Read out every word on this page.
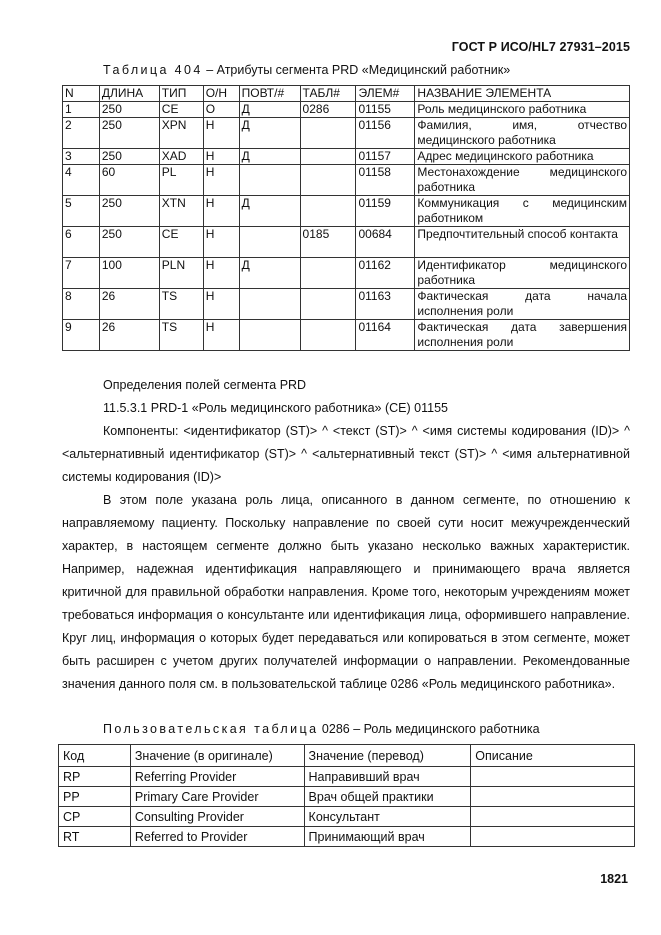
ГОСТ Р ИСО/HL7 27931–2015
Таблица 404 – Атрибуты сегмента PRD «Медицинский работник»
N	ДЛИНА	ТИП	О/Н	ПОВТ/#	ТАБЛ#	ЭЛЕМ#	НАЗВАНИЕ ЭЛЕМЕНТА
1	250	CE	O	Д	0286	01155	Роль медицинского работника
2	250	XPN	Н	Д		01156	Фамилия, имя, отчество медицинского работника
3	250	XAD	Н	Д		01157	Адрес медицинского работника
4	60	PL	Н			01158	Местонахождение медицинского работника
5	250	XTN	Н	Д		01159	Коммуникация с медицинским работником
6	250	CE	Н		0185	00684	Предпочтительный способ контакта
7	100	PLN	Н	Д		01162	Идентификатор медицинского работника
8	26	TS	Н			01163	Фактическая дата начала исполнения роли
9	26	TS	Н			01164	Фактическая дата завершения исполнения роли
Определения полей сегмента PRD
11.5.3.1 PRD-1 «Роль медицинского работника» (CE) 01155
Компоненты: <идентификатор (ST)> ^ <текст (ST)> ^ <имя системы кодирования (ID)> ^ <альтернативный идентификатор (ST)> ^ <альтернативный текст (ST)> ^ <имя альтернативной системы кодирования (ID)>
В этом поле указана роль лица, описанного в данном сегменте, по отношению к направляемому пациенту. Поскольку направление по своей сути носит межучрежденческий характер, в настоящем сегменте должно быть указано несколько важных характеристик. Например, надежная идентификация направляющего и принимающего врача является критичной для правильной обработки направления. Кроме того, некоторым учреждениям может требоваться информация о консультанте или идентификация лица, оформившего направление. Круг лиц, информация о которых будет передаваться или копироваться в этом сегменте, может быть расширен с учетом других получателей информации о направлении. Рекомендованные значения данного поля см. в пользовательской таблице 0286 «Роль медицинского работника».
Пользовательская таблица 0286 – Роль медицинского работника
Код	Значение (в оригинале)	Значение (перевод)	Описание
RP	Referring Provider	Направивший врач	
PP	Primary Care Provider	Врач общей практики	
CP	Consulting Provider	Консультант	
RT	Referred to Provider	Принимающий врач	
1821
